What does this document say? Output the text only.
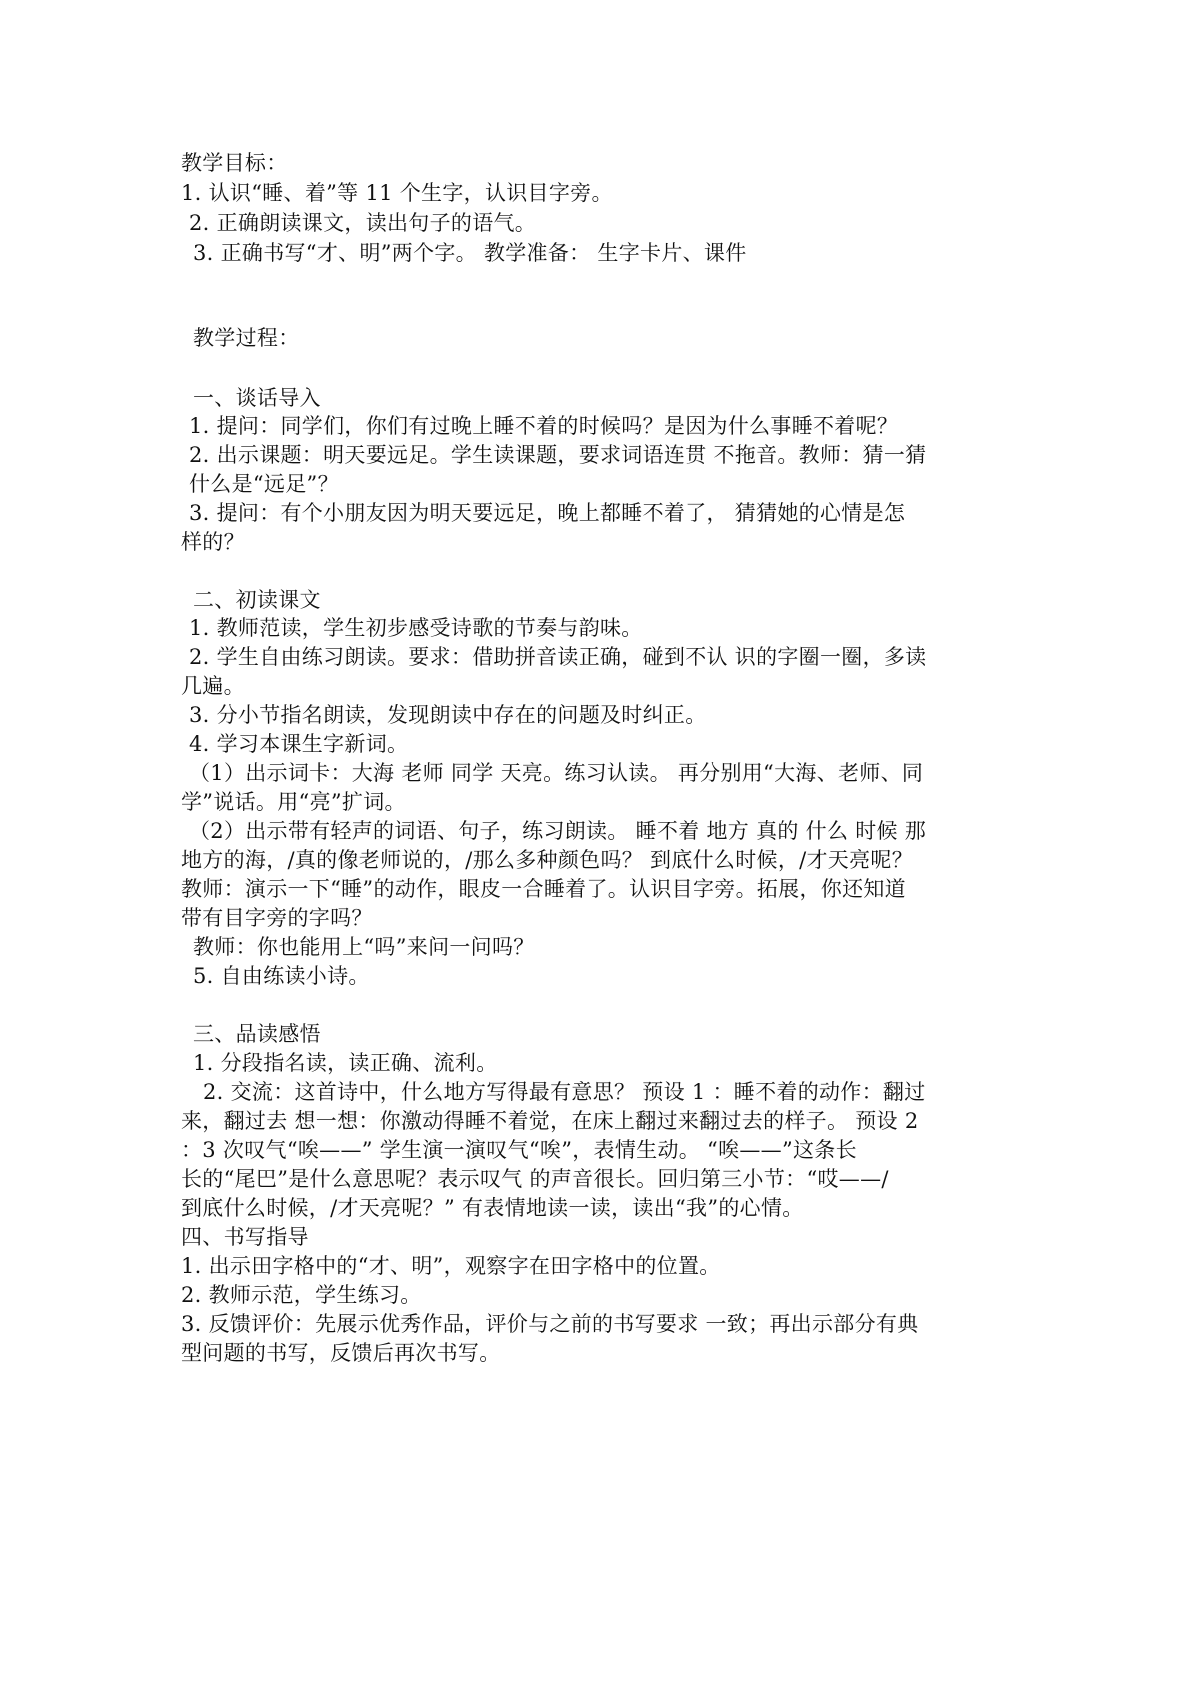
教学目标：
1. 认识“睡、着”等 11 个生字，认识目字旁。
2. 正确朗读课文，读出句子的语气。
3. 正确书写“才、明”两个字。 教学准备： 生字卡片、课件
教学过程：
一、谈话导入
1. 提问：同学们，你们有过晚上睡不着的时候吗？是因为什么事睡不着呢？
2. 出示课题：明天要远足。学生读课题，要求词语连贯 不拖音。教师：猜一猜
什么是“远足”？
3. 提问：有个小朋友因为明天要远足，晚上都睡不着了， 猜猜她的心情是怎
样的？
二、初读课文
1. 教师范读，学生初步感受诗歌的节奏与韵味。
2. 学生自由练习朗读。要求：借助拼音读正确，碰到不认 识的字圈一圈，多读
几遍。
3. 分小节指名朗读，发现朗读中存在的问题及时纠正。
4. 学习本课生字新词。
（1）出示词卡：大海 老师 同学 天亮。练习认读。 再分别用“大海、老师、同
学”说话。用“亮”扩词。
（2）出示带有轻声的词语、句子，练习朗读。 睡不着 地方 真的 什么 时候 那
地方的海，/真的像老师说的，/那么多种颜色吗？ 到底什么时候，/才天亮呢？
教师：演示一下“睡”的动作，眼皮一合睡着了。认识目字旁。拓展，你还知道
带有目字旁的字吗？
教师：你也能用上“吗”来问一问吗？
5. 自由练读小诗。
三、品读感悟
1. 分段指名读，读正确、流利。
2. 交流：这首诗中，什么地方写得最有意思？ 预设 1 ：睡不着的动作：翻过
来，翻过去 想一想：你激动得睡不着觉，在床上翻过来翻过去的样子。 预设 2
：3 次叹气“唉——” 学生演一演叹气“唉”，表情生动。 “唉——”这条长
长的“尾巴”是什么意思呢？表示叹气 的声音很长。回归第三小节：“哎——/
到底什么时候，/才天亮呢？” 有表情地读一读，读出“我”的心情。
四、书写指导
1. 出示田字格中的“才、明”，观察字在田字格中的位置。
2. 教师示范，学生练习。
3. 反馈评价：先展示优秀作品，评价与之前的书写要求 一致；再出示部分有典
型问题的书写，反馈后再次书写。
